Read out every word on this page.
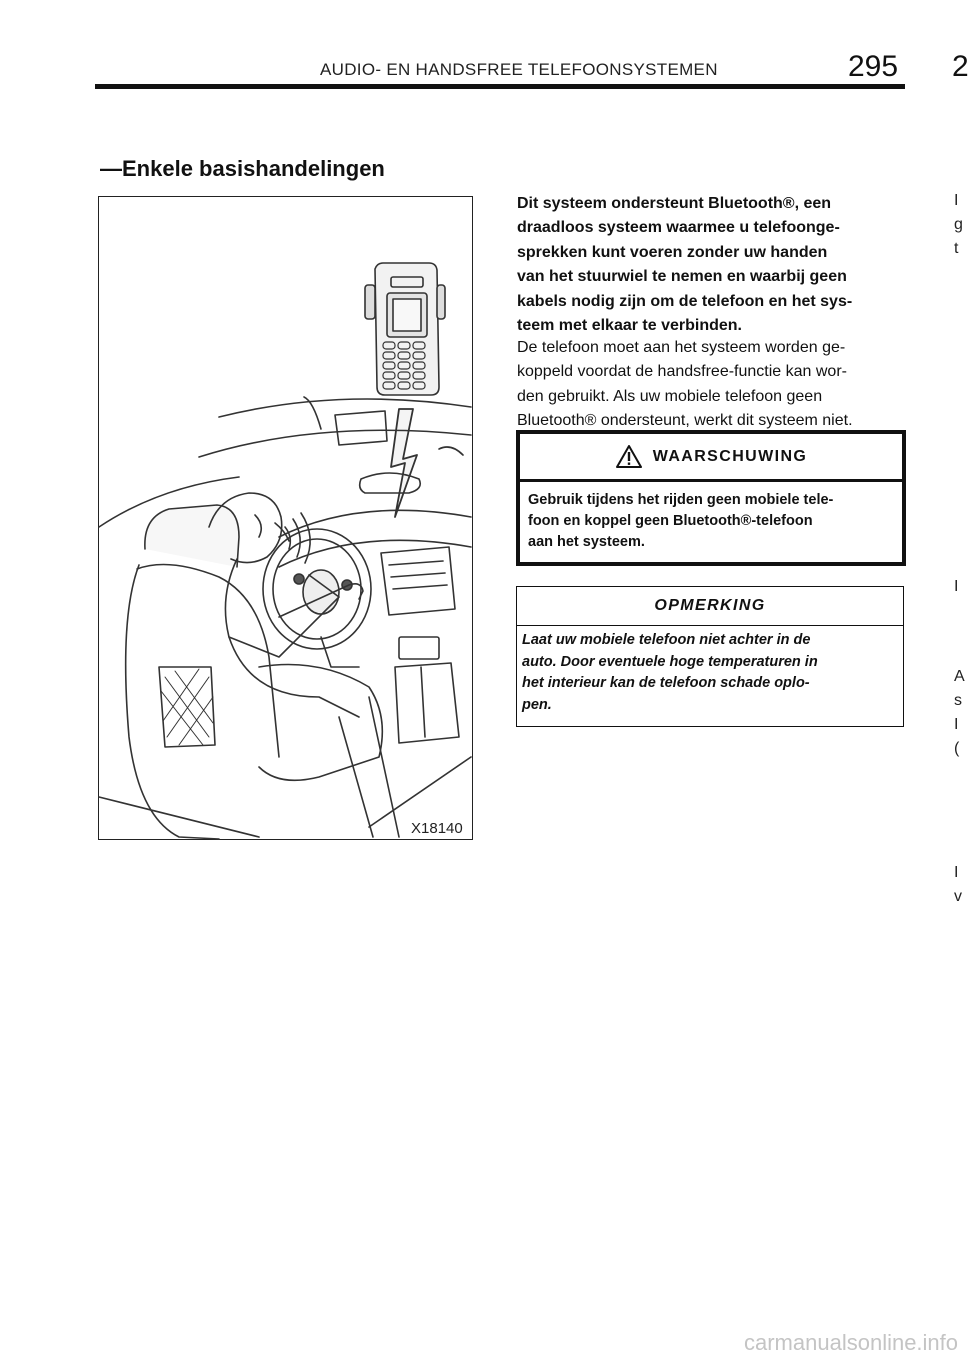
AUDIO- EN HANDSFREE TELEFOONSYSTEMEN	295 2
—Enkele basishandelingen
X18140
Dit systeem ondersteunt Bluetooth®, een
draadloos systeem waarmee u telefoonge-
sprekken kunt voeren zonder uw handen
van het stuurwiel te nemen en waarbij geen
kabels nodig zijn om de telefoon en het sys-
teem met elkaar te verbinden.
De telefoon moet aan het systeem worden ge-
koppeld voordat de handsfree-functie kan wor-
den gebruikt. Als uw mobiele telefoon geen
Bluetooth® ondersteunt, werkt dit systeem niet.
WAARSCHUWING
Gebruik tijdens het rijden geen mobiele tele-
foon en koppel geen Bluetooth®-telefoon
aan het systeem.
OPMERKING
Laat uw mobiele telefoon niet achter in de
auto. Door eventuele hoge temperaturen in
het interieur kan de telefoon schade oplo-
pen.
I
g
t
I
A
s
I
(
I
v
carmanualsonline.info
